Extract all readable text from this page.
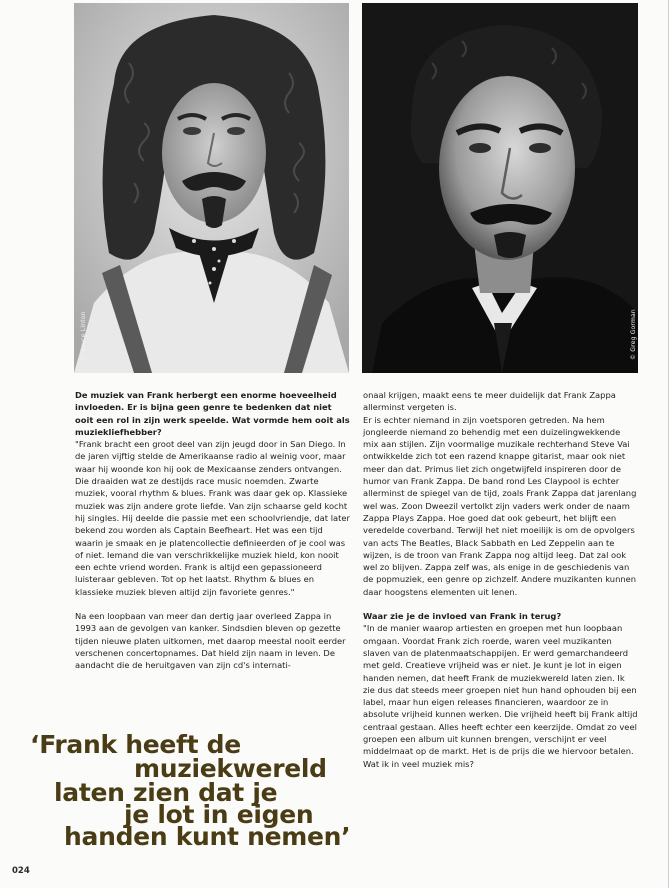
© Bruce Linton	© Greg Gorman

De muziek van Frank herbergt een enorme hoeveelheid invloeden. Er is bijna geen genre te bedenken dat niet ooit een rol in zijn werk speelde. Wat vormde hem ooit als muziekliefhebber?

"Frank bracht een groot deel van zijn jeugd door in San Diego. In de jaren vijftig stelde de Amerikaanse radio al weinig voor, maar waar hij woonde kon hij ook de Mexicaanse zenders ontvangen. Die draaiden wat ze destijds race music noemden. Zwarte muziek, vooral rhythm & blues. Frank was daar gek op. Klassieke muziek was zijn andere grote liefde. Van zijn schaarse geld kocht hij singles. Hij deelde die passie met een schoolvriendje, dat later bekend zou worden als Captain Beefheart. Het was een tijd waarin je smaak en je platencollectie definieerden of je cool was of niet. Iemand die van verschrikkelijke muziek hield, kon nooit een echte vriend worden. Frank is altijd een gepassioneerd luisteraar gebleven. Tot op het laatst. Rhythm & blues en klassieke muziek bleven altijd zijn favoriete genres."

Na een loopbaan van meer dan dertig jaar overleed Zappa in 1993 aan de gevolgen van kanker. Sindsdien bleven op gezette tijden nieuwe platen uitkomen, met daarop meestal nooit eerder verschenen concertopnames. Dat hield zijn naam in leven. De aandacht die de heruitgaven van zijn cd's internati-

onaal krijgen, maakt eens te meer duidelijk dat Frank Zappa allerminst vergeten is.

Er is echter niemand in zijn voetsporen getreden. Na hem jongleerde niemand zo behendig met een duizelingwekkende mix aan stijlen. Zijn voormalige muzikale rechterhand Steve Vai ontwikkelde zich tot een razend knappe gitarist, maar ook niet meer dan dat. Primus liet zich ongetwijfeld inspireren door de humor van Frank Zappa. De band rond Les Claypool is echter allerminst de spiegel van de tijd, zoals Frank Zappa dat jarenlang wel was. Zoon Dweezil vertolkt zijn vaders werk onder de naam Zappa Plays Zappa. Hoe goed dat ook gebeurt, het blijft een veredelde coverband. Terwijl het niet moeilijk is om de opvolgers van acts The Beatles, Black Sabbath en Led Zeppelin aan te wijzen, is de troon van Frank Zappa nog altijd leeg. Dat zal ook wel zo blijven. Zappa zelf was, als enige in de geschiedenis van de popmuziek, een genre op zichzelf. Andere muzikanten kunnen daar hoogstens elementen uit lenen.

Waar zie je de invloed van Frank in terug?

"In de manier waarop artiesten en groepen met hun loopbaan omgaan. Voordat Frank zich roerde, waren veel muzikanten slaven van de platenmaatschappijen. Er werd gemarchandeerd met geld. Creatieve vrijheid was er niet. Je kunt je lot in eigen handen nemen, dat heeft Frank de muziekwereld laten zien. Ik zie dus dat steeds meer groepen niet hun hand ophouden bij een label, maar hun eigen releases financieren, waardoor ze in absolute vrijheid kunnen werken. Die vrijheid heeft bij Frank altijd centraal gestaan. Alles heeft echter een keerzijde. Omdat zo veel groepen een album uit kunnen brengen, verschijnt er veel middelmaat op de markt. Het is de prijs die we hiervoor betalen. Wat ik in veel muziek mis?

‘Frank heeft de
muziekwereld
laten zien dat je
je lot in eigen
handen kunt nemen’
024
